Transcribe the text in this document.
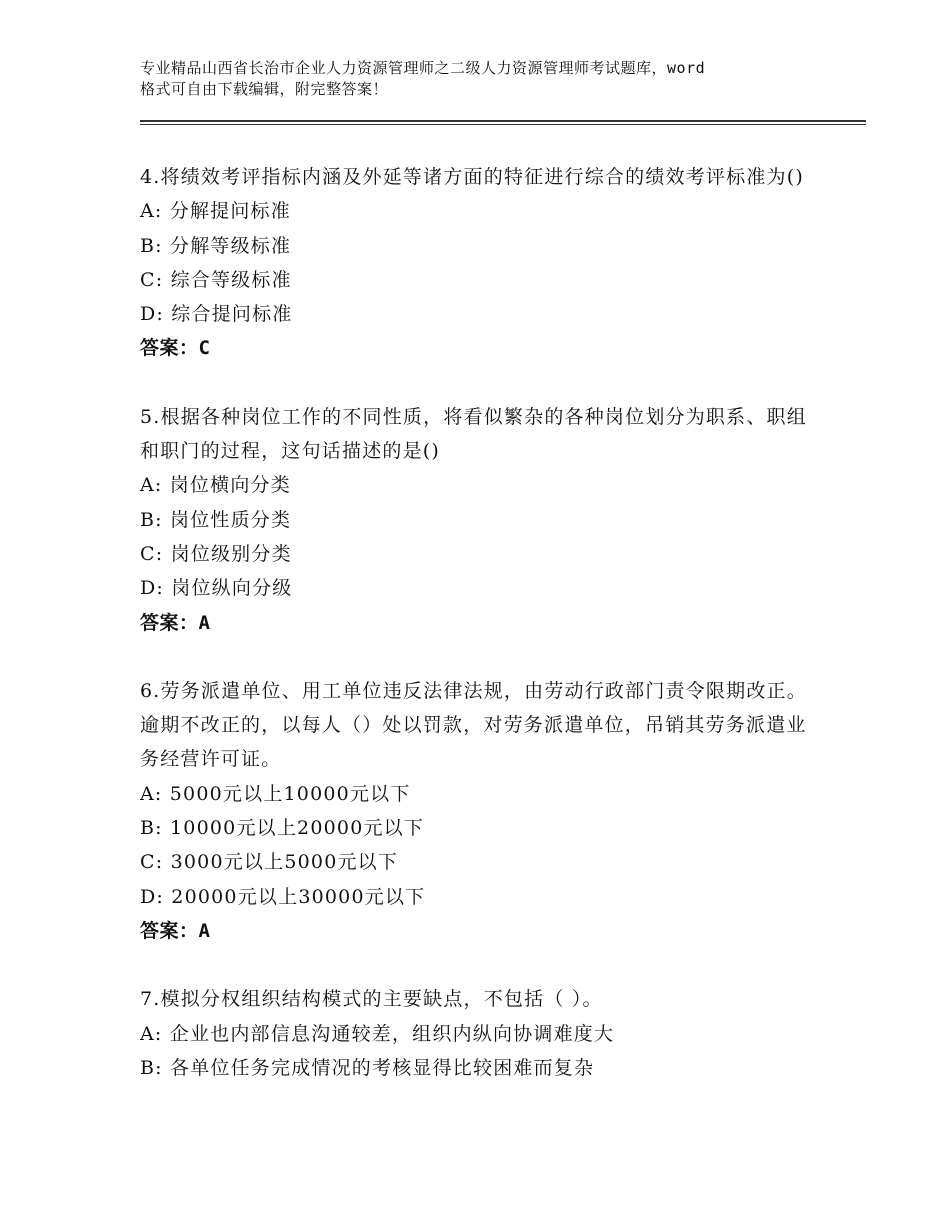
专业精品山西省长治市企业人力资源管理师之二级人力资源管理师考试题库，word
格式可自由下载编辑，附完整答案！

4.将绩效考评指标内涵及外延等诸方面的特征进行综合的绩效考评标准为()

A: 分解提问标准

B: 分解等级标准

C: 综合等级标准

D: 综合提问标准

答案：C

5.根据各种岗位工作的不同性质，将看似繁杂的各种岗位划分为职系、职组和职门的过程，这句话描述的是()

A: 岗位横向分类

B: 岗位性质分类

C: 岗位级别分类

D: 岗位纵向分级

答案：A

6.劳务派遣单位、用工单位违反法律法规，由劳动行政部门责令限期改正。逾期不改正的，以每人（）处以罚款，对劳务派遣单位，吊销其劳务派遣业务经营许可证。

A: 5000元以上10000元以下

B: 10000元以上20000元以下

C: 3000元以上5000元以下

D: 20000元以上30000元以下

答案：A

7.模拟分权组织结构模式的主要缺点，不包括（ ）。

A: 企业也内部信息沟通较差，组织内纵向协调难度大

B: 各单位任务完成情况的考核显得比较困难而复杂
